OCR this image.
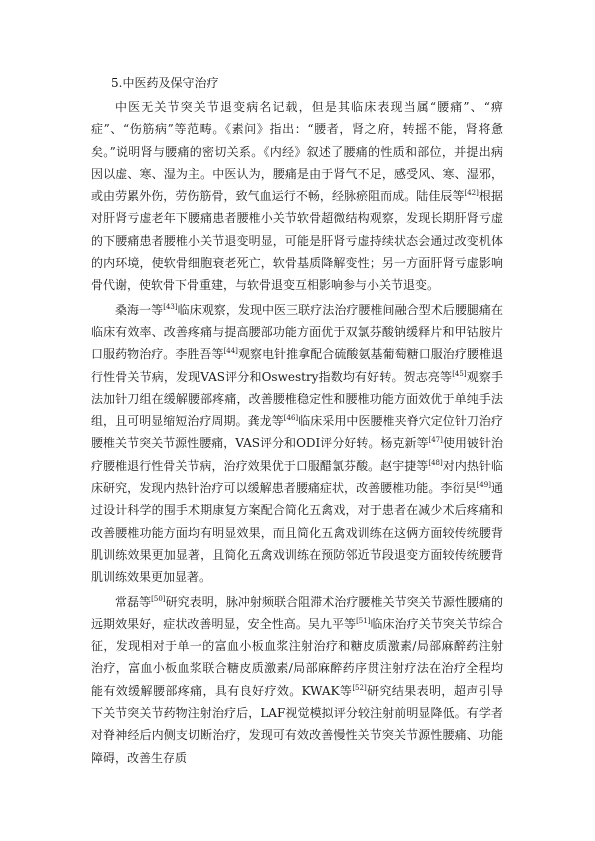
5.中医药及保守治疗

中医无关节突关节退变病名记载，但是其临床表现当属“腰痛”、“痹症”、“伤筋病”等范畴。《素问》指出：“腰者，肾之府，转摇不能，肾将惫矣。”说明肾与腰痛的密切关系。《内经》叙述了腰痛的性质和部位，并提出病因以虚、寒、湿为主。中医认为，腰痛是由于肾气不足，感受风、寒、湿邪，或由劳累外伤，劳伤筋骨，致气血运行不畅，经脉瘀阻而成。陆佳辰等[42]根据对肝肾亏虚老年下腰痛患者腰椎小关节软骨超微结构观察，发现长期肝肾亏虚的下腰痛患者腰椎小关节退变明显，可能是肝肾亏虚持续状态会通过改变机体的内环境，使软骨细胞衰老死亡，软骨基质降解变性；另一方面肝肾亏虚影响骨代谢，使软骨下骨重建，与软骨退变互相影响参与小关节退变。

桑海一等[43]临床观察，发现中医三联疗法治疗腰椎间融合型术后腰腿痛在临床有效率、改善疼痛与提高腰部功能方面优于双氯芬酸钠缓释片和甲钴胺片口服药物治疗。李胜吾等[44]观察电针推拿配合硫酸氨基葡萄糖口服治疗腰椎退行性骨关节病，发现VAS评分和Oswestry指数均有好转。贺志亮等[45]观察手法加针刀组在缓解腰部疼痛，改善腰椎稳定性和腰椎功能方面效优于单纯手法组，且可明显缩短治疗周期。龚龙等[46]临床采用中医腰椎夹脊穴定位针刀治疗腰椎关节突关节源性腰痛，VAS评分和ODI评分好转。杨克新等[47]使用铍针治疗腰椎退行性骨关节病，治疗效果优于口服醋氯芬酸。赵宇捷等[48]对内热针临床研究，发现内热针治疗可以缓解患者腰痛症状，改善腰椎功能。李衍昊[49]通过设计科学的围手术期康复方案配合简化五禽戏，对于患者在减少术后疼痛和改善腰椎功能方面均有明显效果，而且简化五禽戏训练在这俩方面较传统腰背肌训练效果更加显著，且简化五禽戏训练在预防邻近节段退变方面较传统腰背肌训练效果更加显著。

常磊等[50]研究表明，脉冲射频联合阻滞术治疗腰椎关节突关节源性腰痛的远期效果好，症状改善明显，安全性高。吴九平等[51]临床治疗关节突关节综合征，发现相对于单一的富血小板血浆注射治疗和糖皮质激素/局部麻醉药注射治疗，富血小板血浆联合糖皮质激素/局部麻醉药序贯注射疗法在治疗全程均能有效缓解腰部疼痛，具有良好疗效。KWAK等[52]研究结果表明，超声引导下关节突关节药物注射治疗后，LAF视觉模拟评分较注射前明显降低。有学者对脊神经后内侧支切断治疗，发现可有效改善慢性关节突关节源性腰痛、功能障碍，改善生存质
